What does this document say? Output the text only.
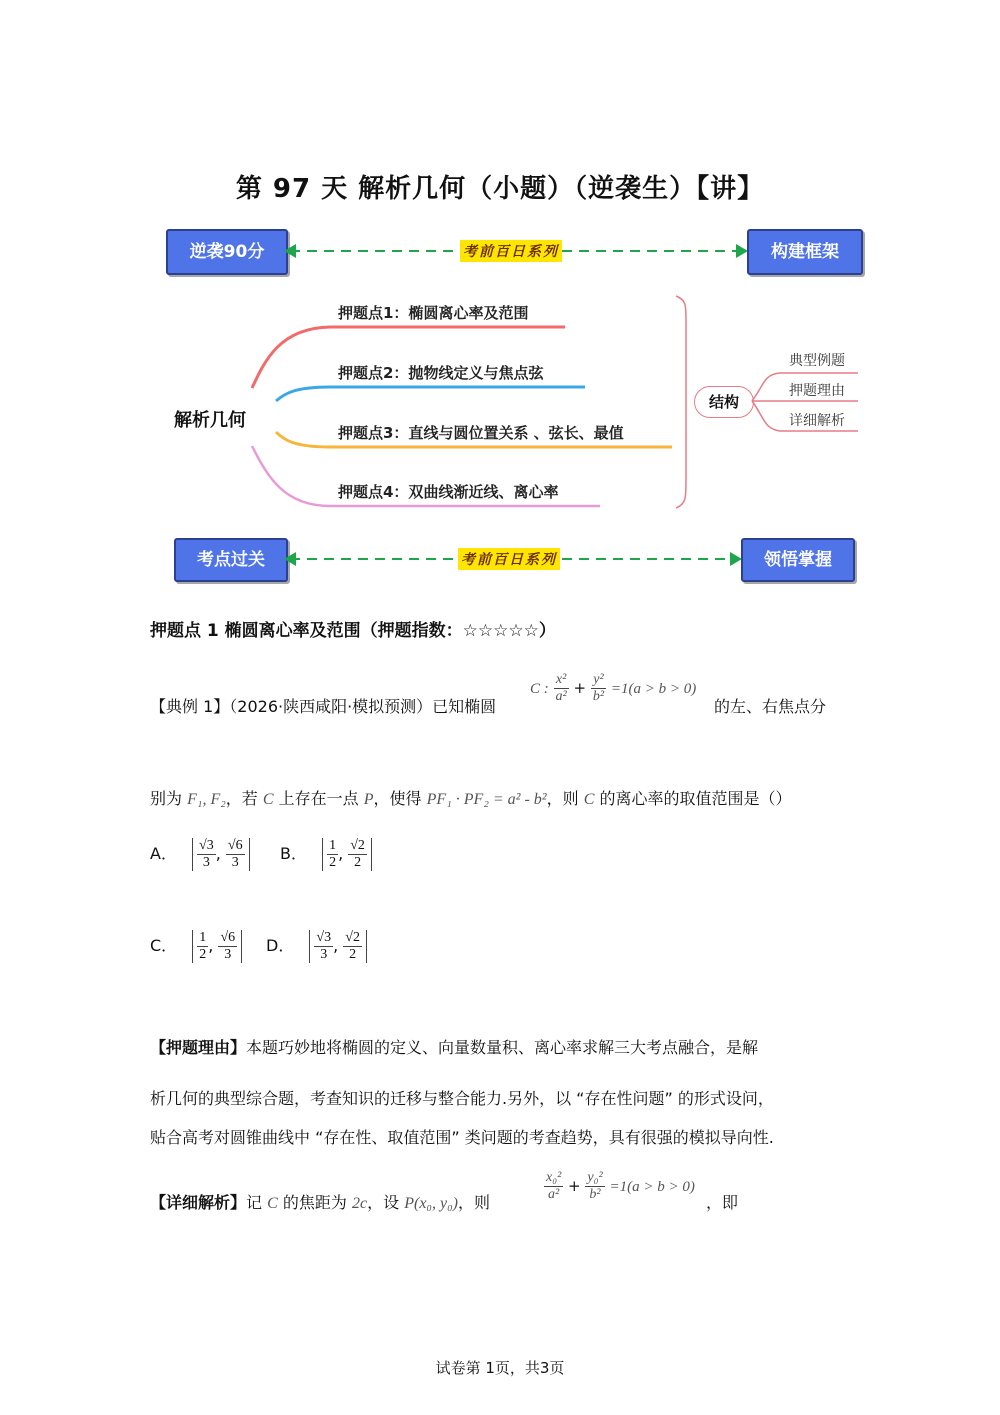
第 97 天 解析几何（小题）（逆袭生）【讲】
逆袭90分	考前百日系列	构建框架
解析几何
押题点1：椭圆离心率及范围
押题点2：抛物线定义与焦点弦
押题点3：直线与圆位置关系 、弦长、最值
押题点4：双曲线渐近线、离心率
结构
典型例题
押题理由
详细解析
考点过关	考前百日系列	领悟掌握
押题点 1 椭圆离心率及范围（押题指数：☆☆☆☆☆）
【典例 1】（2026·陕西咸阳·模拟预测）已知椭圆
C : $\frac{\text{x²}}{\text{a²}} + \frac{\text{y²}}{\text{b²}} =1(a > b > 0)$
的左、右焦点分
别为 F₁, F₂，若 C 上存在一点 P，使得 PF₁ · PF₂ = a² - b²，则 C 的离心率的取值范围是（）
A． $\frac{√3}{3}$ , $\frac{√6}{3}$ B． $\frac{1}{2}$ , $\frac{√2}{2}$
C． $\frac{1}{2}$ , $\frac{√6}{3}$ D． $\frac{√3}{3}$ , $\frac{√2}{2}$
【押题理由】本题巧妙地将椭圆的定义、向量数量积、离心率求解三大考点融合，是解
析几何的典型综合题，考查知识的迁移与整合能力.另外，以 “存在性问题” 的形式设问，
贴合高考对圆锥曲线中 “存在性、取值范围” 类问题的考查趋势，具有很强的模拟导向性.
【详细解析】记 C 的焦距为 2c，设 P(x₀, y₀)，则	$\frac{\text{x₀²}}{\text{a²}} + \frac{\text{y₀²}}{\text{b²}} =1(a > b > 0)$
，即
试卷第 1页，共3页
